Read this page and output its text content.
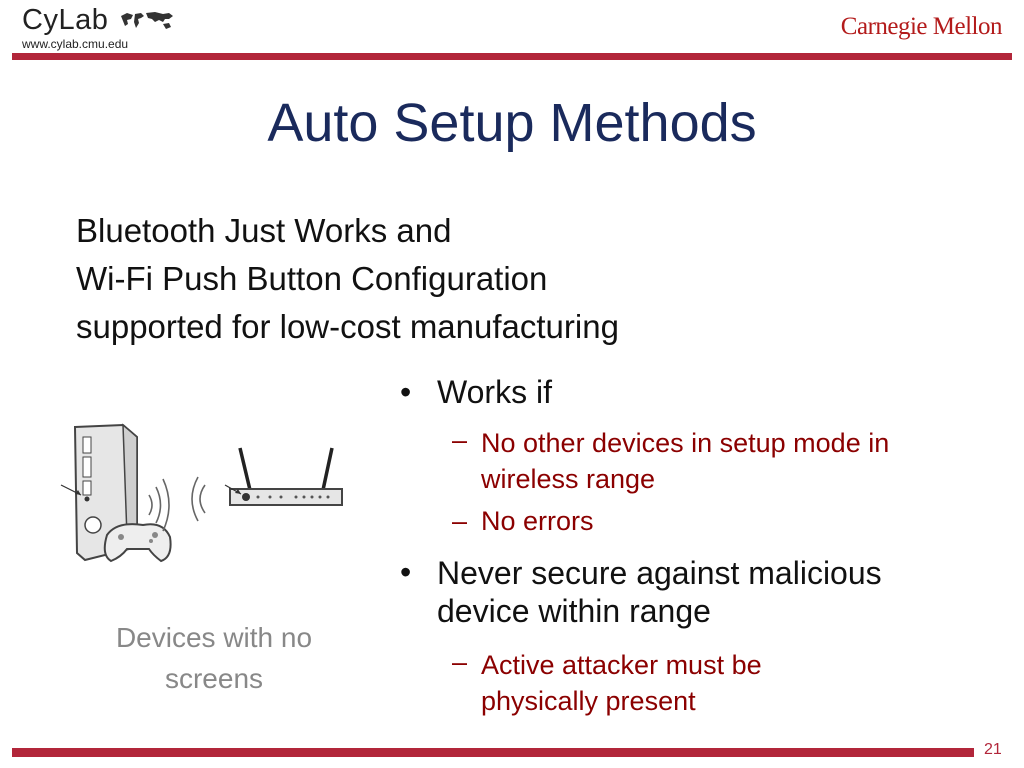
CyLab
www.cylab.cmu.edu
Carnegie Mellon
Auto Setup Methods
Bluetooth Just Works and
Wi-Fi Push Button Configuration
supported for low-cost manufacturing
• Works if
– No other devices in setup mode in wireless range
– No errors
• Never secure against malicious device within range
– Active attacker must be physically present
Devices with no screens
21
